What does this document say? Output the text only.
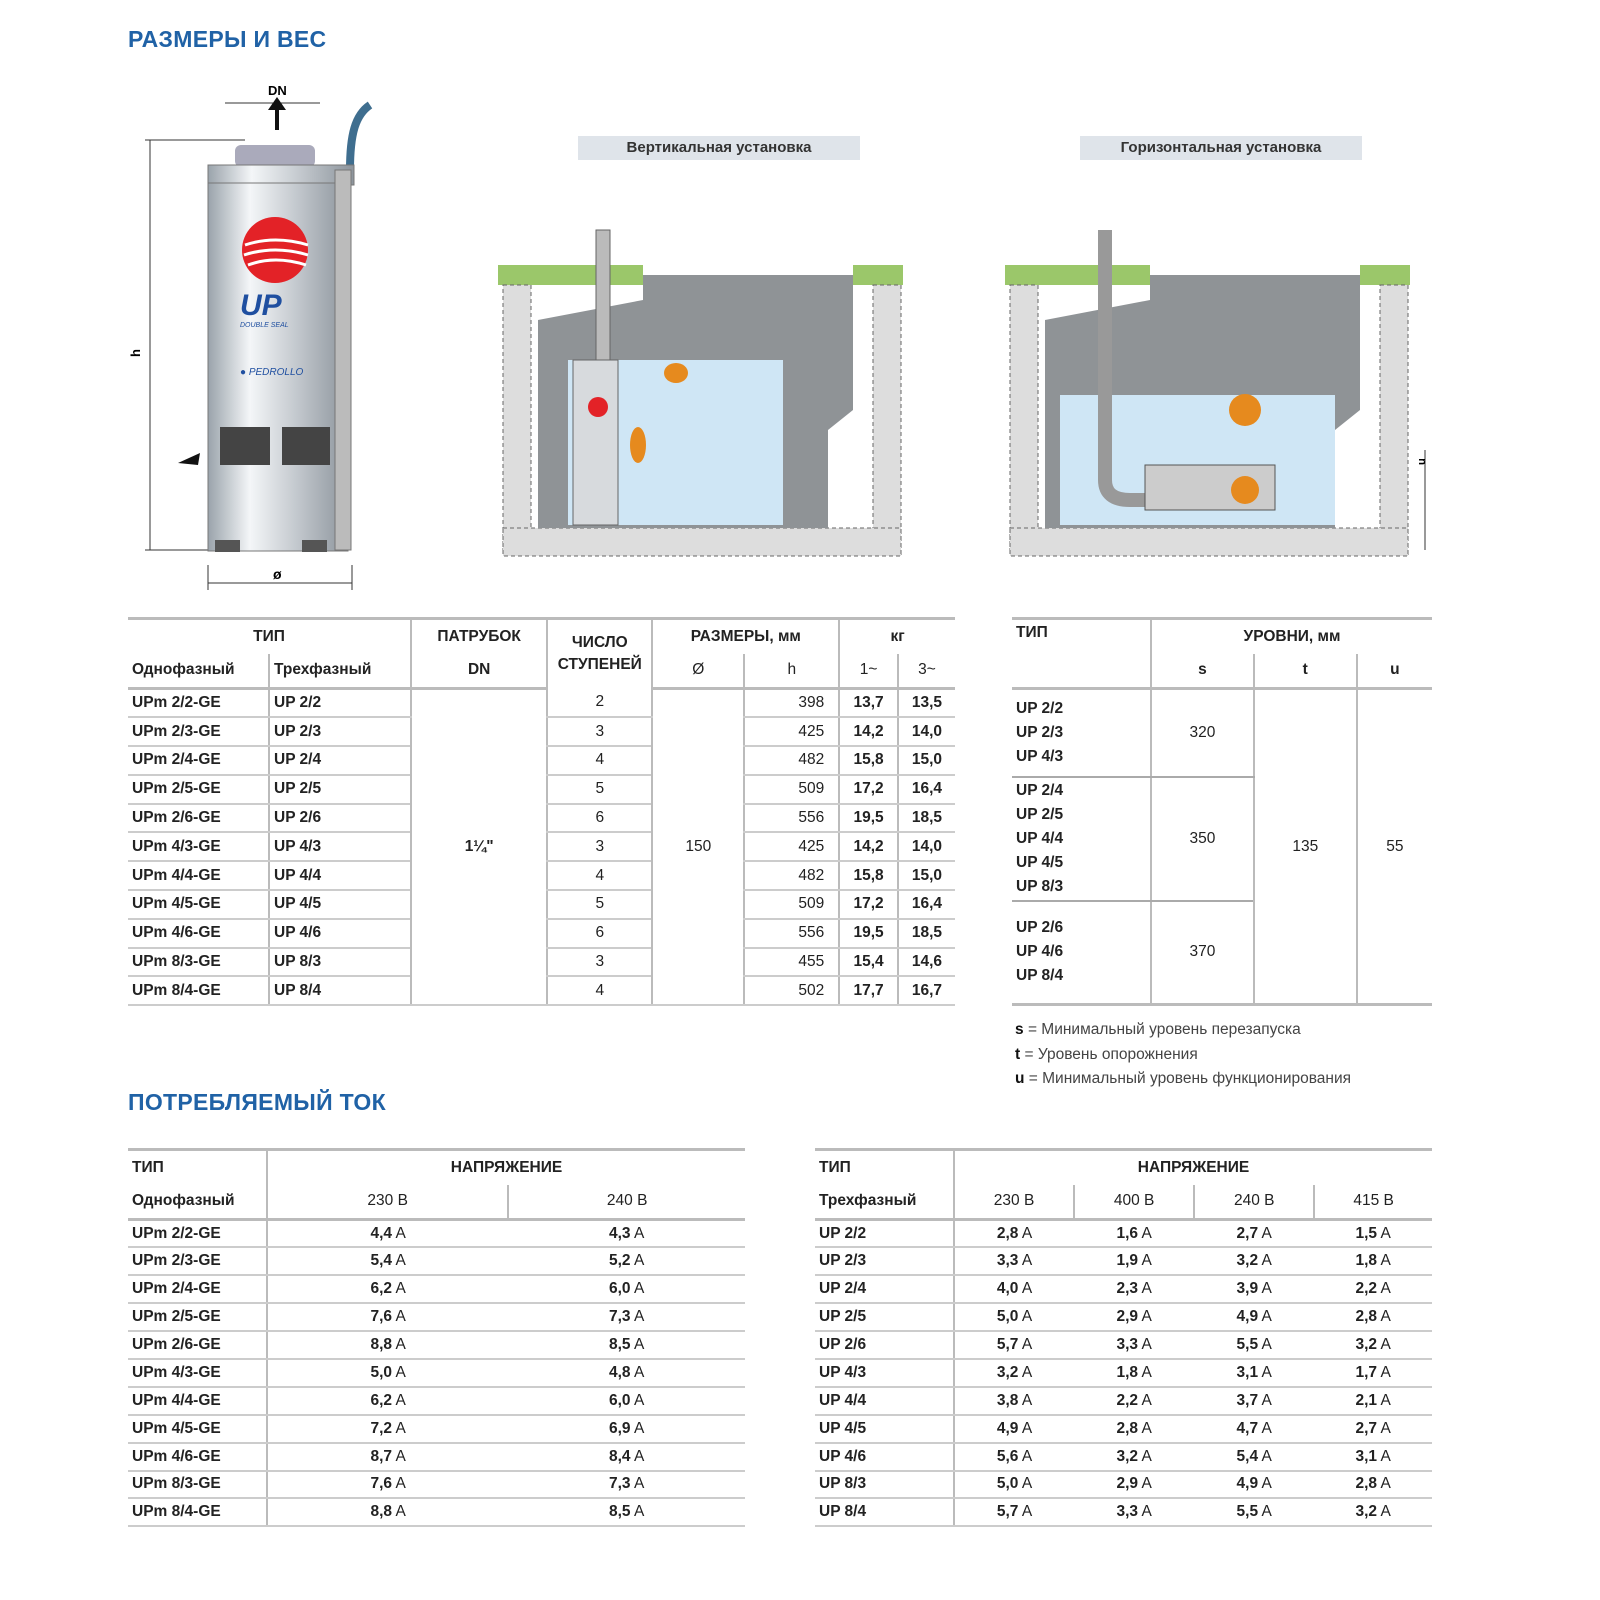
РАЗМЕРЫ И ВЕС
UP
DOUBLE SEAL
● PEDROLLO
DN
h
ø
Вертикальная установка	Горизонтальная установка
u
ТИП		ПАТРУБОК	ЧИСЛО СТУПЕНЕЙ	РАЗМЕРЫ, мм		кг	
Однофазный	Трехфазный	DN		Ø	h	1~	3~
UPm 2/2-GE	UP 2/2	1¼"	2	150	398	13,7	13,5
UPm 2/3-GE	UP 2/3		3		425	14,2	14,0
UPm 2/4-GE	UP 2/4		4		482	15,8	15,0
UPm 2/5-GE	UP 2/5		5		509	17,2	16,4
UPm 2/6-GE	UP 2/6		6		556	19,5	18,5
UPm 4/3-GE	UP 4/3		3		425	14,2	14,0
UPm 4/4-GE	UP 4/4		4		482	15,8	15,0
UPm 4/5-GE	UP 4/5		5		509	17,2	16,4
UPm 4/6-GE	UP 4/6		6		556	19,5	18,5
UPm 8/3-GE	UP 8/3		3		455	15,4	14,6
UPm 8/4-GE	UP 8/4		4		502	17,7	16,7
ТИП	УРОВНИ, мм		
	s	t	u
UP 2/2
UP 2/3
UP 4/3	320	135	55
UP 2/4
UP 2/5
UP 4/4
UP 4/5
UP 8/3	350		
UP 2/6
UP 4/6
UP 8/4	370		
s = Минимальный уровень перезапуска
t = Уровень опорожнения
u = Минимальный уровень функционирования
ПОТРЕБЛЯЕМЫЙ ТОК
ТИП	НАПРЯЖЕНИЕ	
Однофазный	230 В	240 В
UPm 2/2-GE	4,4 A	4,3 A
UPm 2/3-GE	5,4 A	5,2 A
UPm 2/4-GE	6,2 A	6,0 A
UPm 2/5-GE	7,6 A	7,3 A
UPm 2/6-GE	8,8 A	8,5 A
UPm 4/3-GE	5,0 A	4,8 A
UPm 4/4-GE	6,2 A	6,0 A
UPm 4/5-GE	7,2 A	6,9 A
UPm 4/6-GE	8,7 A	8,4 A
UPm 8/3-GE	7,6 A	7,3 A
UPm 8/4-GE	8,8 A	8,5 A
ТИП	НАПРЯЖЕНИЕ			
Трехфазный	230 В	400 В	240 В	415 В
UP 2/2	2,8 A	1,6 A	2,7 A	1,5 A
UP 2/3	3,3 A	1,9 A	3,2 A	1,8 A
UP 2/4	4,0 A	2,3 A	3,9 A	2,2 A
UP 2/5	5,0 A	2,9 A	4,9 A	2,8 A
UP 2/6	5,7 A	3,3 A	5,5 A	3,2 A
UP 4/3	3,2 A	1,8 A	3,1 A	1,7 A
UP 4/4	3,8 A	2,2 A	3,7 A	2,1 A
UP 4/5	4,9 A	2,8 A	4,7 A	2,7 A
UP 4/6	5,6 A	3,2 A	5,4 A	3,1 A
UP 8/3	5,0 A	2,9 A	4,9 A	2,8 A
UP 8/4	5,7 A	3,3 A	5,5 A	3,2 A
